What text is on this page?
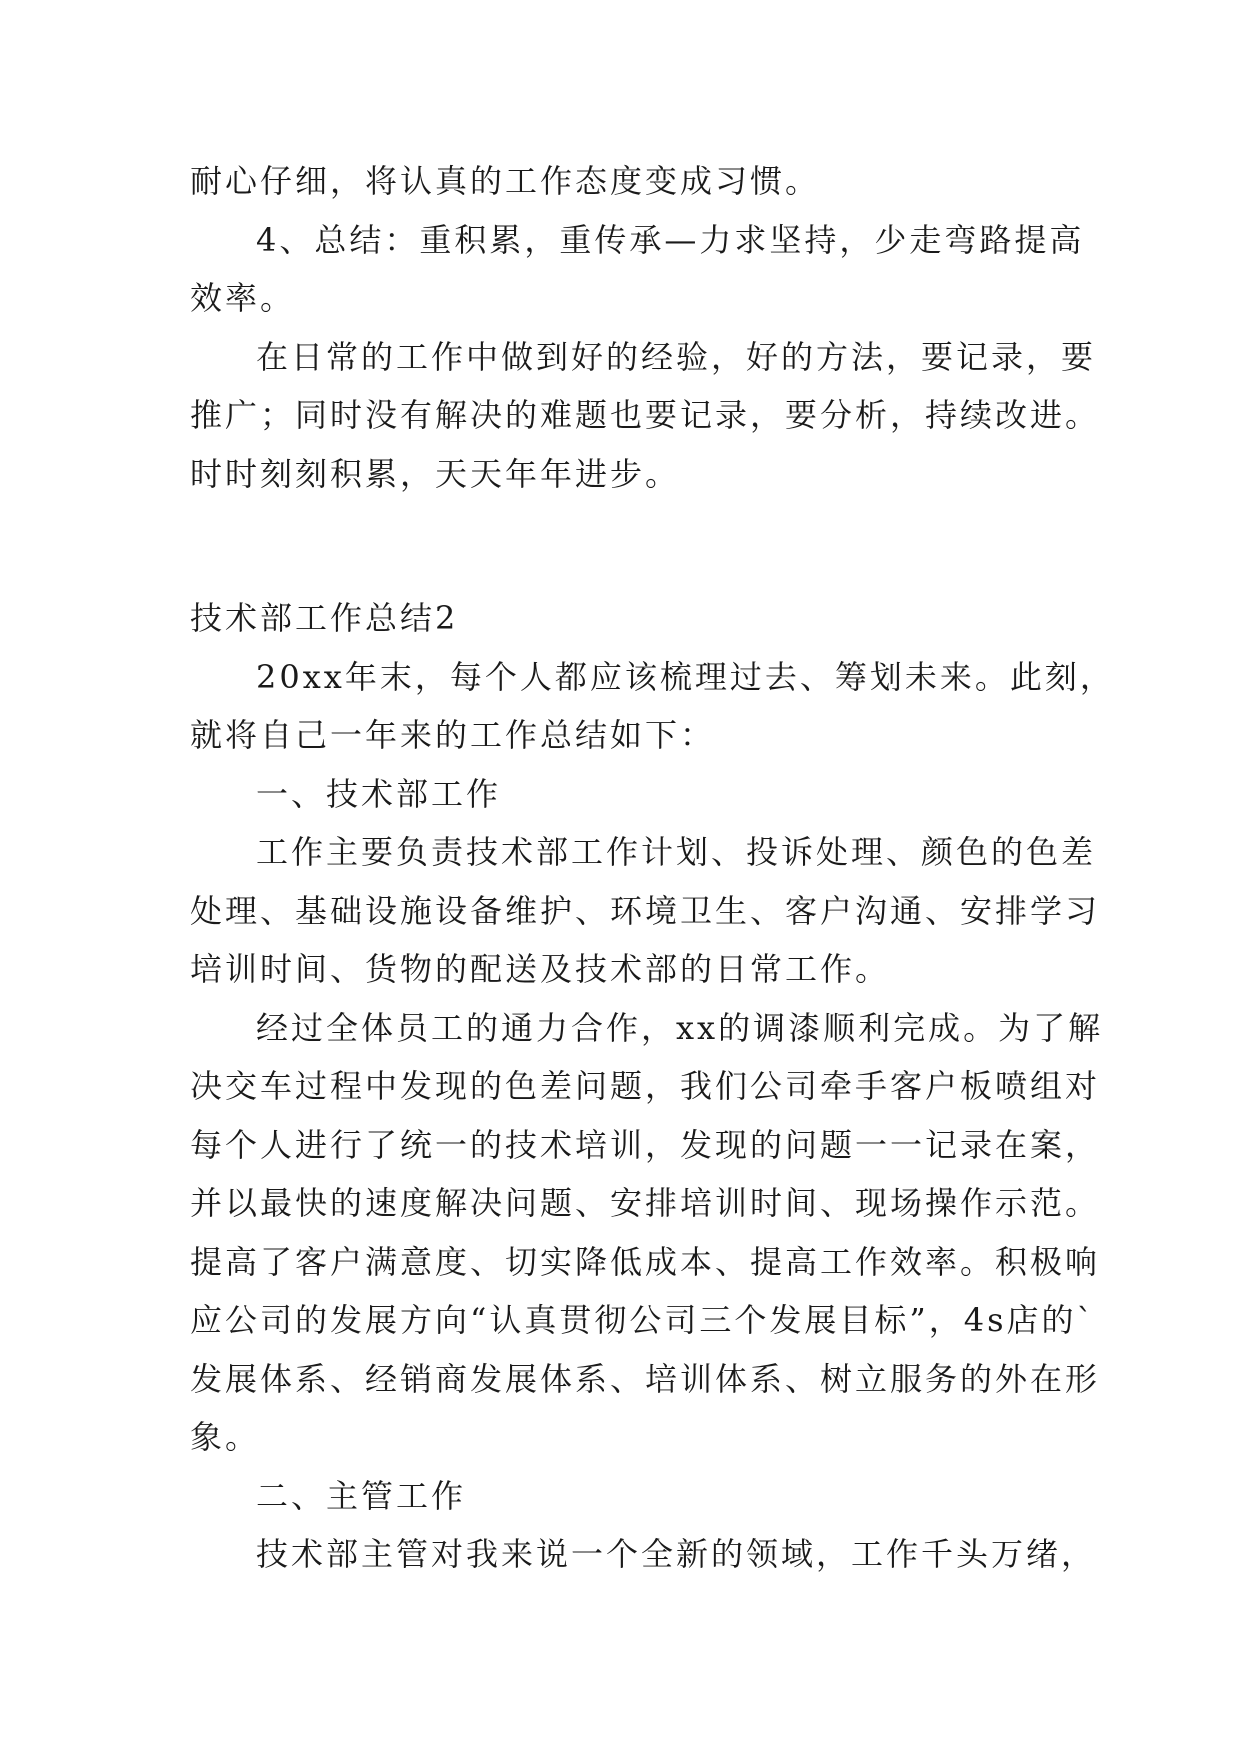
耐心仔细，将认真的工作态度变成习惯。
4、总结：重积累，重传承—力求坚持，少走弯路提高
效率。
在日常的工作中做到好的经验，好的方法，要记录，要
推广；同时没有解决的难题也要记录，要分析，持续改进。
时时刻刻积累，天天年年进步。
技术部工作总结2
20xx年末，每个人都应该梳理过去、筹划未来。此刻，
就将自己一年来的工作总结如下：
一、技术部工作
工作主要负责技术部工作计划、投诉处理、颜色的色差
处理、基础设施设备维护、环境卫生、客户沟通、安排学习
培训时间、货物的配送及技术部的日常工作。
经过全体员工的通力合作，xx的调漆顺利完成。为了解
决交车过程中发现的色差问题，我们公司牵手客户板喷组对
每个人进行了统一的技术培训，发现的问题一一记录在案，
并以最快的速度解决问题、安排培训时间、现场操作示范。
提高了客户满意度、切实降低成本、提高工作效率。积极响
应公司的发展方向“认真贯彻公司三个发展目标”，4s店的`
发展体系、经销商发展体系、培训体系、树立服务的外在形
象。
二、主管工作
技术部主管对我来说一个全新的领域，工作千头万绪，
